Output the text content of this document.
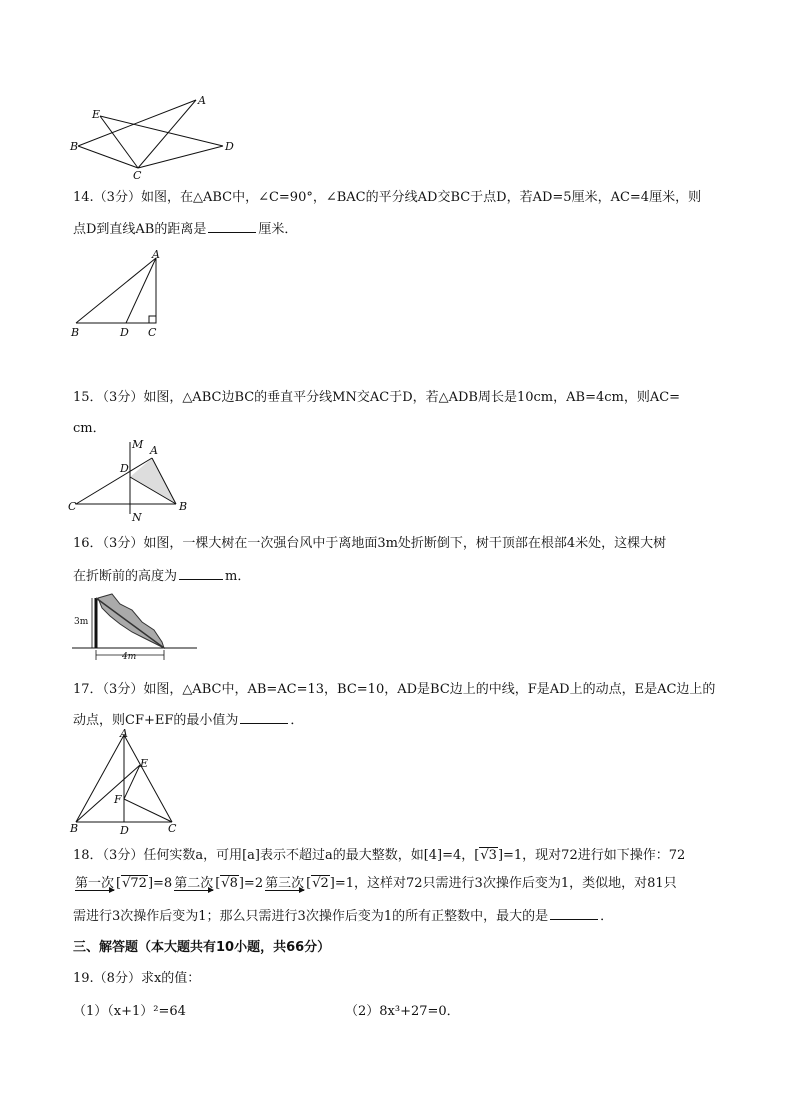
E
A
B	D
C
14.（3分）如图，在△ABC中，∠C=90°，∠BAC的平分线AD交BC于点D，若AD=5厘米，AC=4厘米，则
点D到直线AB的距离是	厘米．
A
B	D C
15．（3分）如图，△ABC边BC的垂直平分线MN交AC于D，若△ADB周长是10cm，AB=4cm，则AC=
cm．
M A
D
C	B
N
16．（3分）如图，一棵大树在一次强台风中于离地面3m处折断倒下，树干顶部在根部4米处，这棵大树
在折断前的高度为	m．
3m
4m
17．（3分）如图，△ABC中，AB=AC=13，BC=10，AD是BC边上的中线，F是AD上的动点，E是AC边上的
动点，则CF+EF的最小值为	．
A
E
F
B	D	C
18．（3分）任何实数a，可用[a]表示不超过a的最大整数，如[4]=4，[√3]=1，现对72进行如下操作：72
第一次 [√72]=8 第二次 [√8]=2 第三次 [√2]=1，这样对72只需进行3次操作后变为1，类似地，对81只
需进行3次操作后变为1；那么只需进行3次操作后变为1的所有正整数中，最大的是	．
三、解答题（本大题共有10小题，共66分）
19.（8分）求x的值：
（1）（x+1）²=64	（2）8x³+27=0．
